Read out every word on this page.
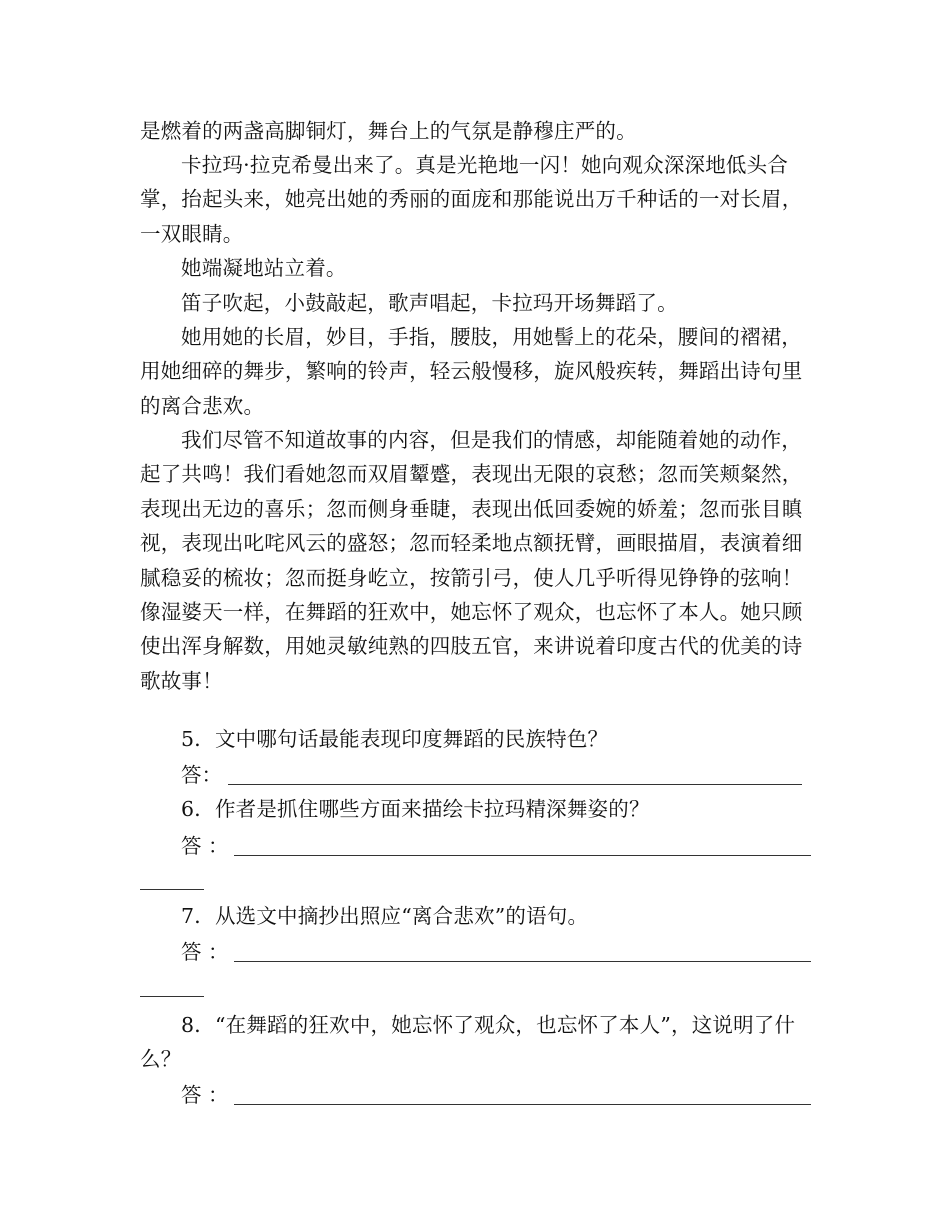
是燃着的两盏高脚铜灯，舞台上的气氛是静穆庄严的。

卡拉玛·拉克希曼出来了。真是光艳地一闪！她向观众深深地低头合掌，抬起头来，她亮出她的秀丽的面庞和那能说出万千种话的一对长眉，一双眼睛。

她端凝地站立着。

笛子吹起，小鼓敲起，歌声唱起，卡拉玛开场舞蹈了。

她用她的长眉，妙目，手指，腰肢，用她髻上的花朵，腰间的褶裙，用她细碎的舞步，繁响的铃声，轻云般慢移，旋风般疾转，舞蹈出诗句里的离合悲欢。

我们尽管不知道故事的内容，但是我们的情感，却能随着她的动作，起了共鸣！我们看她忽而双眉颦蹙，表现出无限的哀愁；忽而笑颊粲然，表现出无边的喜乐；忽而侧身垂睫，表现出低回委婉的娇羞；忽而张目瞋视，表现出叱咤风云的盛怒；忽而轻柔地点额抚臂，画眼描眉，表演着细腻稳妥的梳妆；忽而挺身屹立，按箭引弓，使人几乎听得见铮铮的弦响！像湿婆天一样，在舞蹈的狂欢中，她忘怀了观众，也忘怀了本人。她只顾使出浑身解数，用她灵敏纯熟的四肢五官，来讲说着印度古代的优美的诗歌故事！

5．文中哪句话最能表现印度舞蹈的民族特色？

答：

6．作者是抓住哪些方面来描绘卡拉玛精深舞姿的？

答 ：

7．从选文中摘抄出照应“离合悲欢”的语句。

答 ：

8．“在舞蹈的狂欢中，她忘怀了观众，也忘怀了本人”，这说明了什么？

答 ：
